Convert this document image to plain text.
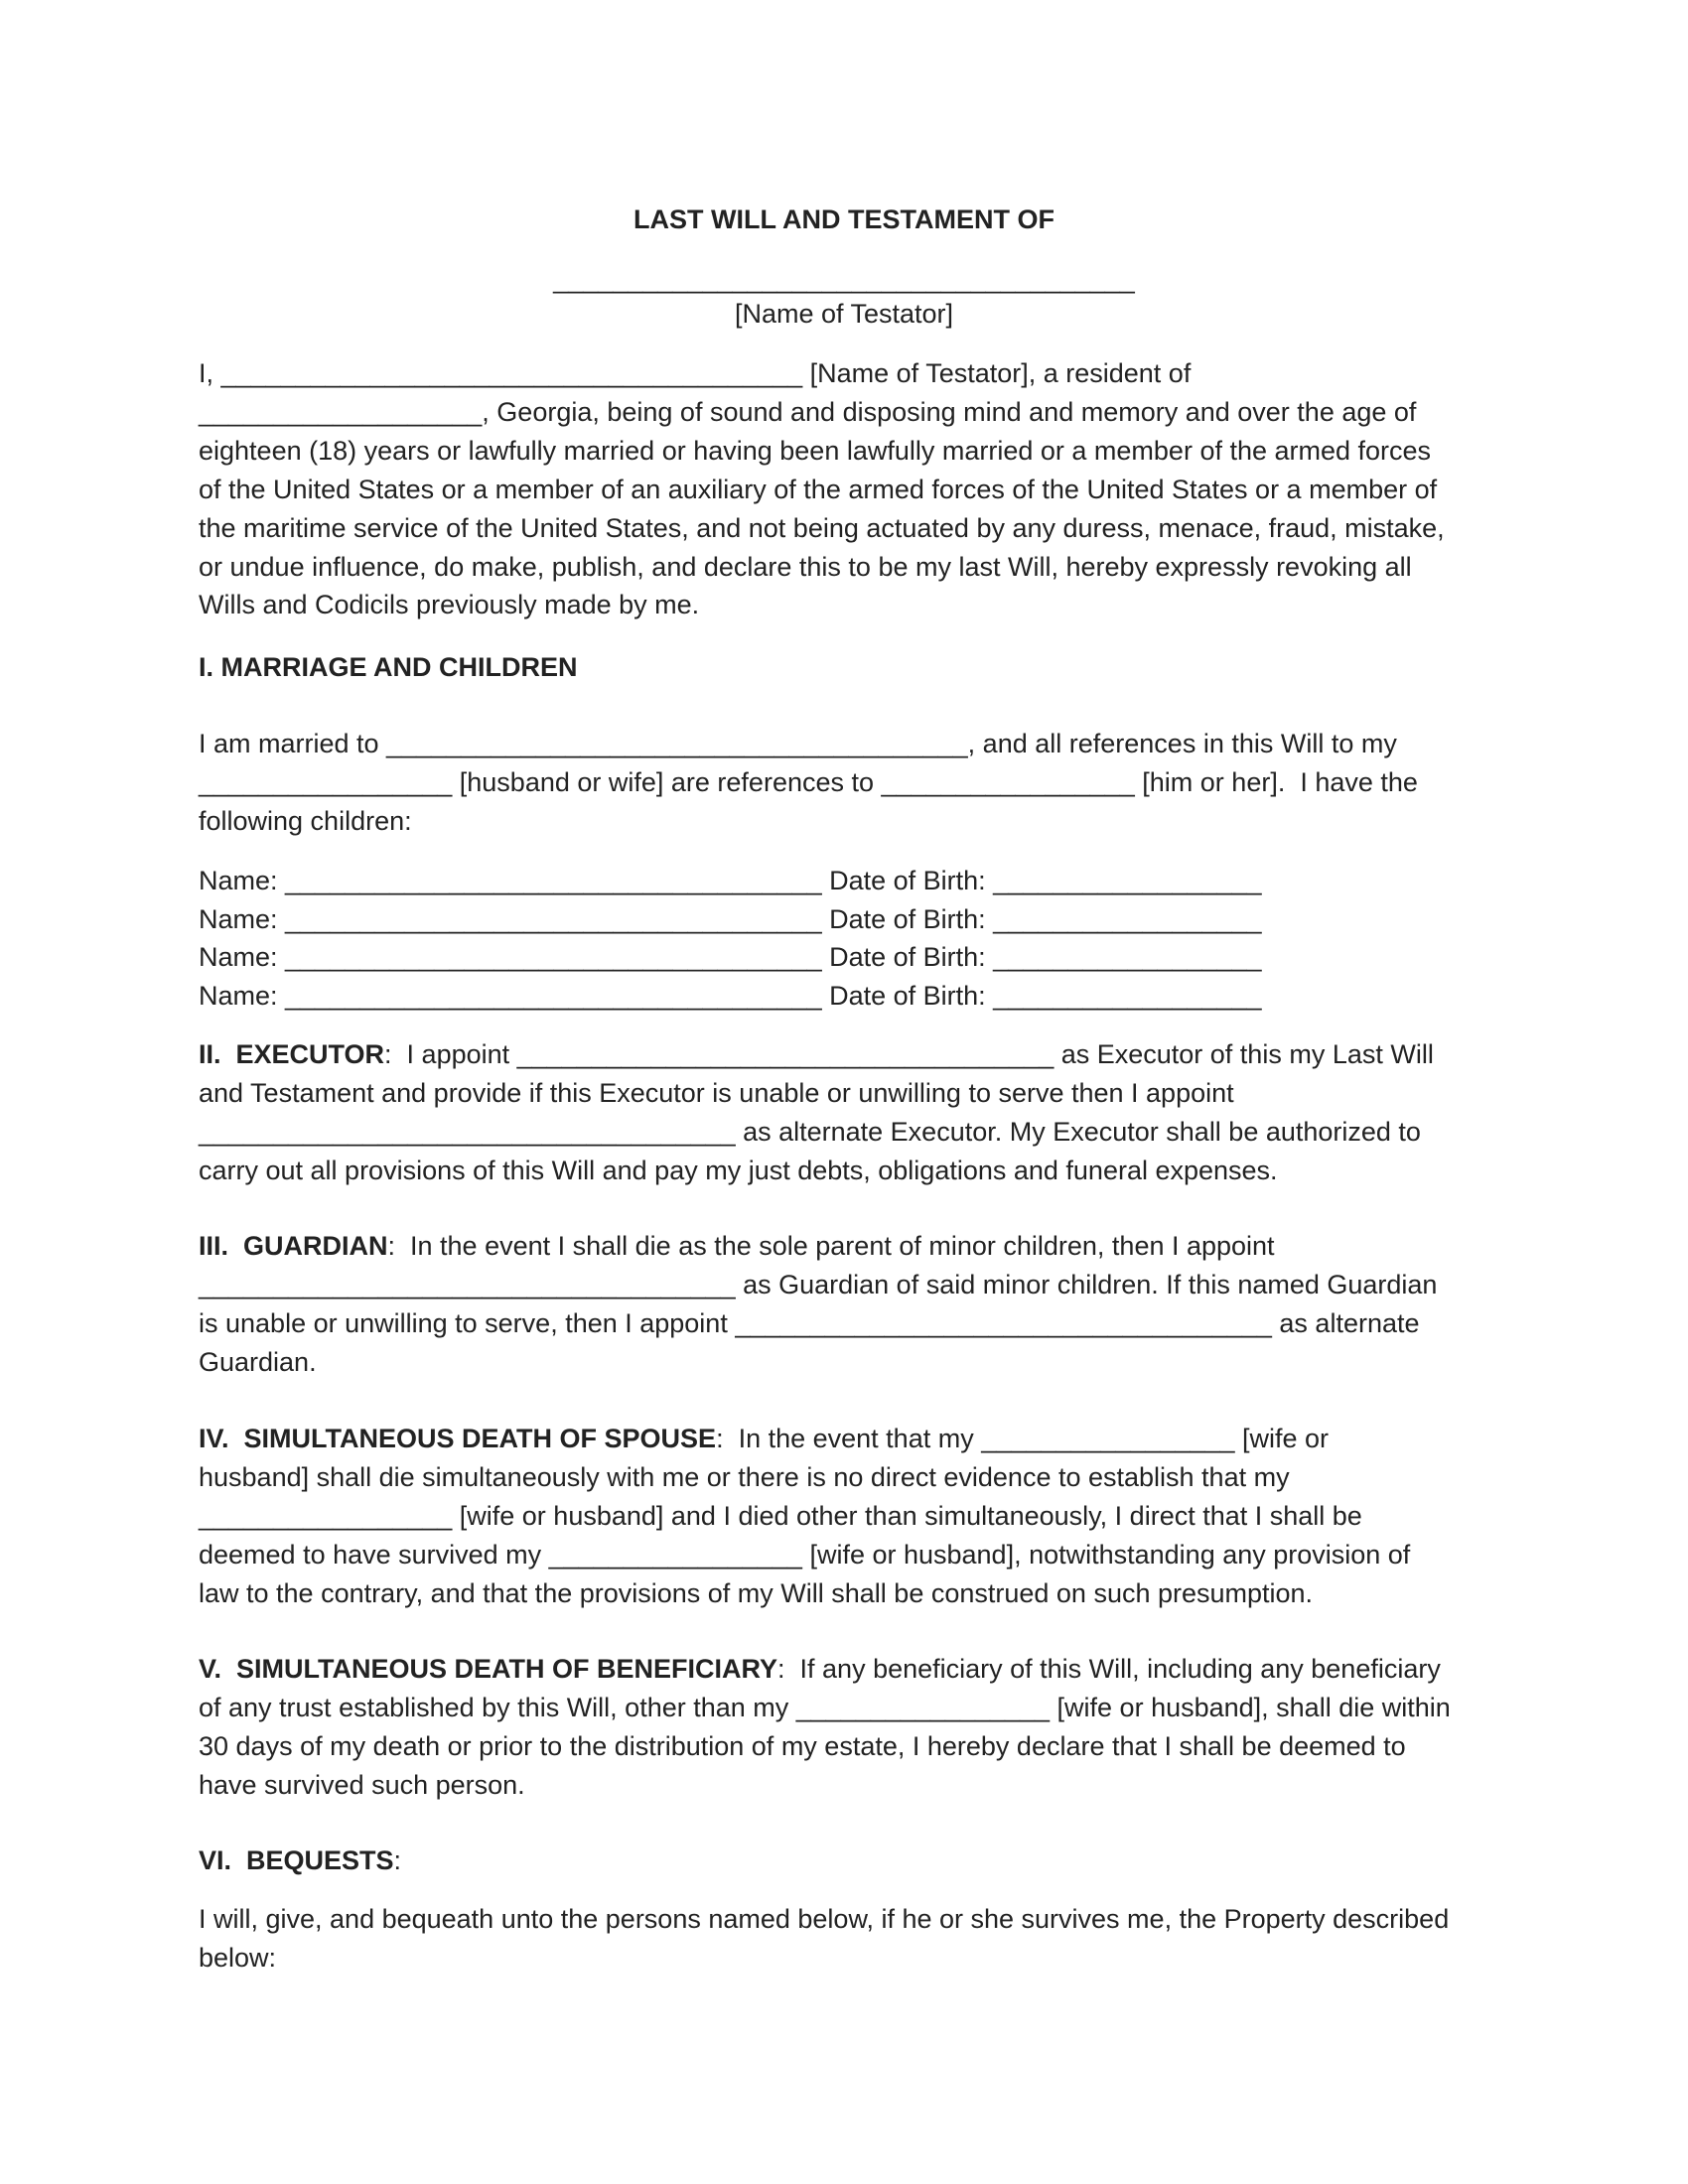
LAST WILL AND TESTAMENT OF
_______________________________________
[Name of Testator]
I, _______________________________________ [Name of Testator], a resident of
___________________, Georgia, being of sound and disposing mind and memory and over the age of
eighteen (18) years or lawfully married or having been lawfully married or a member of the armed forces
of the United States or a member of an auxiliary of the armed forces of the United States or a member of
the maritime service of the United States, and not being actuated by any duress, menace, fraud, mistake,
or undue influence, do make, publish, and declare this to be my last Will, hereby expressly revoking all
Wills and Codicils previously made by me.
I. MARRIAGE AND CHILDREN
I am married to _______________________________________, and all references in this Will to my
_________________ [husband or wife] are references to _________________ [him or her].  I have the
following children:
Name: ____________________________________ Date of Birth: __________________
Name: ____________________________________ Date of Birth: __________________
Name: ____________________________________ Date of Birth: __________________
Name: ____________________________________ Date of Birth: __________________
II.  EXECUTOR:  I appoint ____________________________________ as Executor of this my Last Will
and Testament and provide if this Executor is unable or unwilling to serve then I appoint
____________________________________ as alternate Executor. My Executor shall be authorized to
carry out all provisions of this Will and pay my just debts, obligations and funeral expenses.
III.  GUARDIAN:  In the event I shall die as the sole parent of minor children, then I appoint
____________________________________ as Guardian of said minor children. If this named Guardian
is unable or unwilling to serve, then I appoint ____________________________________ as alternate
Guardian.
IV.  SIMULTANEOUS DEATH OF SPOUSE:  In the event that my _________________ [wife or
husband] shall die simultaneously with me or there is no direct evidence to establish that my
_________________ [wife or husband] and I died other than simultaneously, I direct that I shall be
deemed to have survived my _________________ [wife or husband], notwithstanding any provision of
law to the contrary, and that the provisions of my Will shall be construed on such presumption.
V.  SIMULTANEOUS DEATH OF BENEFICIARY:  If any beneficiary of this Will, including any beneficiary
of any trust established by this Will, other than my _________________ [wife or husband], shall die within
30 days of my death or prior to the distribution of my estate, I hereby declare that I shall be deemed to
have survived such person.
VI.  BEQUESTS:
I will, give, and bequeath unto the persons named below, if he or she survives me, the Property described
below:
